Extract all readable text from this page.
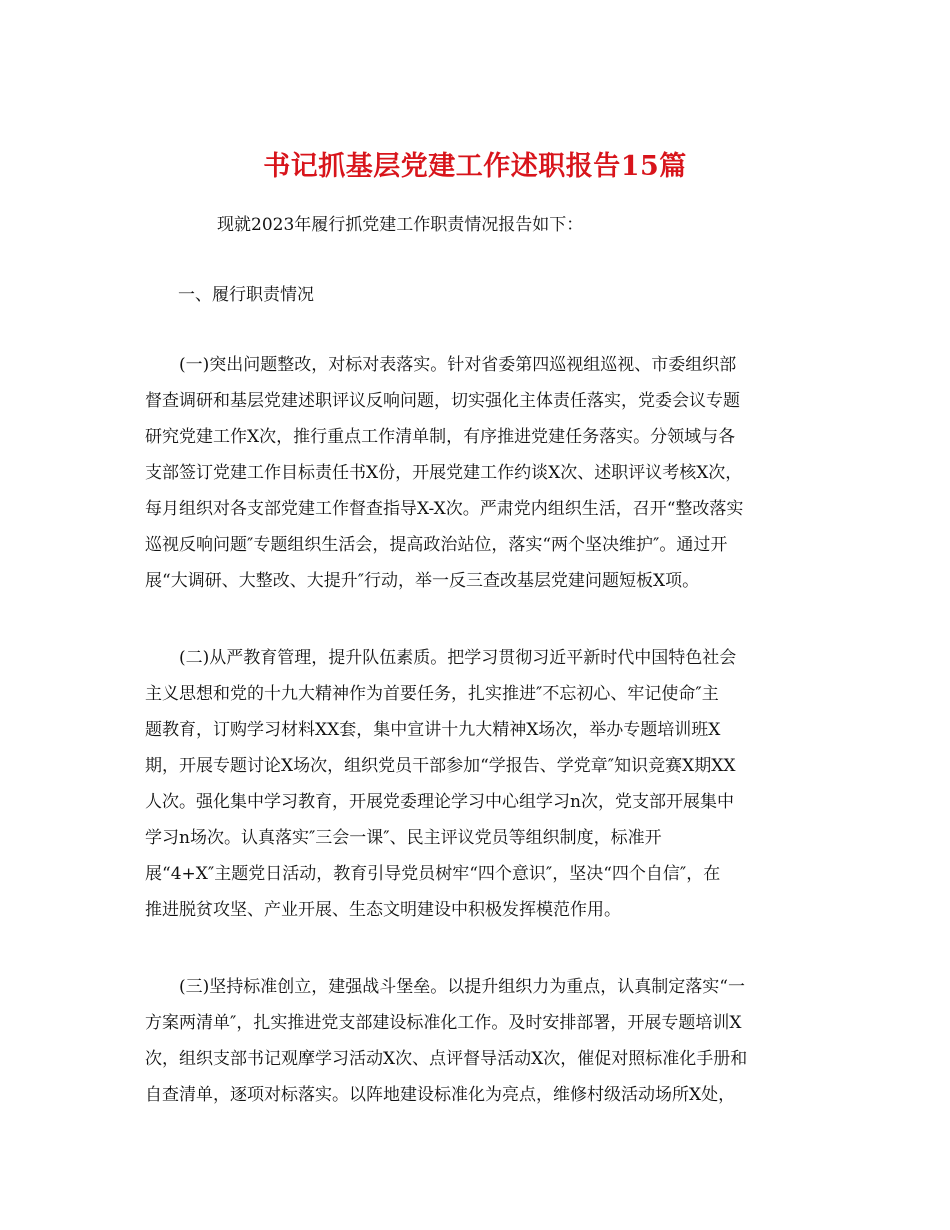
书记抓基层党建工作述职报告15篇
现就2023年履行抓党建工作职责情况报告如下：
一、履行职责情况
(一)突出问题整改，对标对表落实。针对省委第四巡视组巡视、市委组织部
督查调研和基层党建述职评议反响问题，切实强化主体责任落实，党委会议专题
研究党建工作X次，推行重点工作清单制，有序推进党建任务落实。分领域与各
支部签订党建工作目标责任书X份，开展党建工作约谈X次、述职评议考核X次，
每月组织对各支部党建工作督查指导X-X次。严肃党内组织生活，召开“整改落实
巡视反响问题″专题组织生活会，提高政治站位，落实“两个坚决维护″。通过开
展“大调研、大整改、大提升″行动，举一反三查改基层党建问题短板X项。
(二)从严教育管理，提升队伍素质。把学习贯彻习近平新时代中国特色社会
主义思想和党的十九大精神作为首要任务，扎实推进″不忘初心、牢记使命″主
题教育，订购学习材料XX套，集中宣讲十九大精神X场次，举办专题培训班X
期，开展专题讨论X场次，组织党员干部参加“学报告、学党章″知识竞赛X期XX
人次。强化集中学习教育，开展党委理论学习中心组学习n次，党支部开展集中
学习n场次。认真落实″三会一课″、民主评议党员等组织制度，标准开
展“4+X″主题党日活动，教育引导党员树牢“四个意识″，坚决“四个自信″，在
推进脱贫攻坚、产业开展、生态文明建设中积极发挥模范作用。
(三)坚持标准创立，建强战斗堡垒。以提升组织力为重点，认真制定落实“一
方案两清单″，扎实推进党支部建设标准化工作。及时安排部署，开展专题培训X
次，组织支部书记观摩学习活动X次、点评督导活动X次，催促对照标准化手册和
自查清单，逐项对标落实。以阵地建设标准化为亮点，维修村级活动场所X处，
